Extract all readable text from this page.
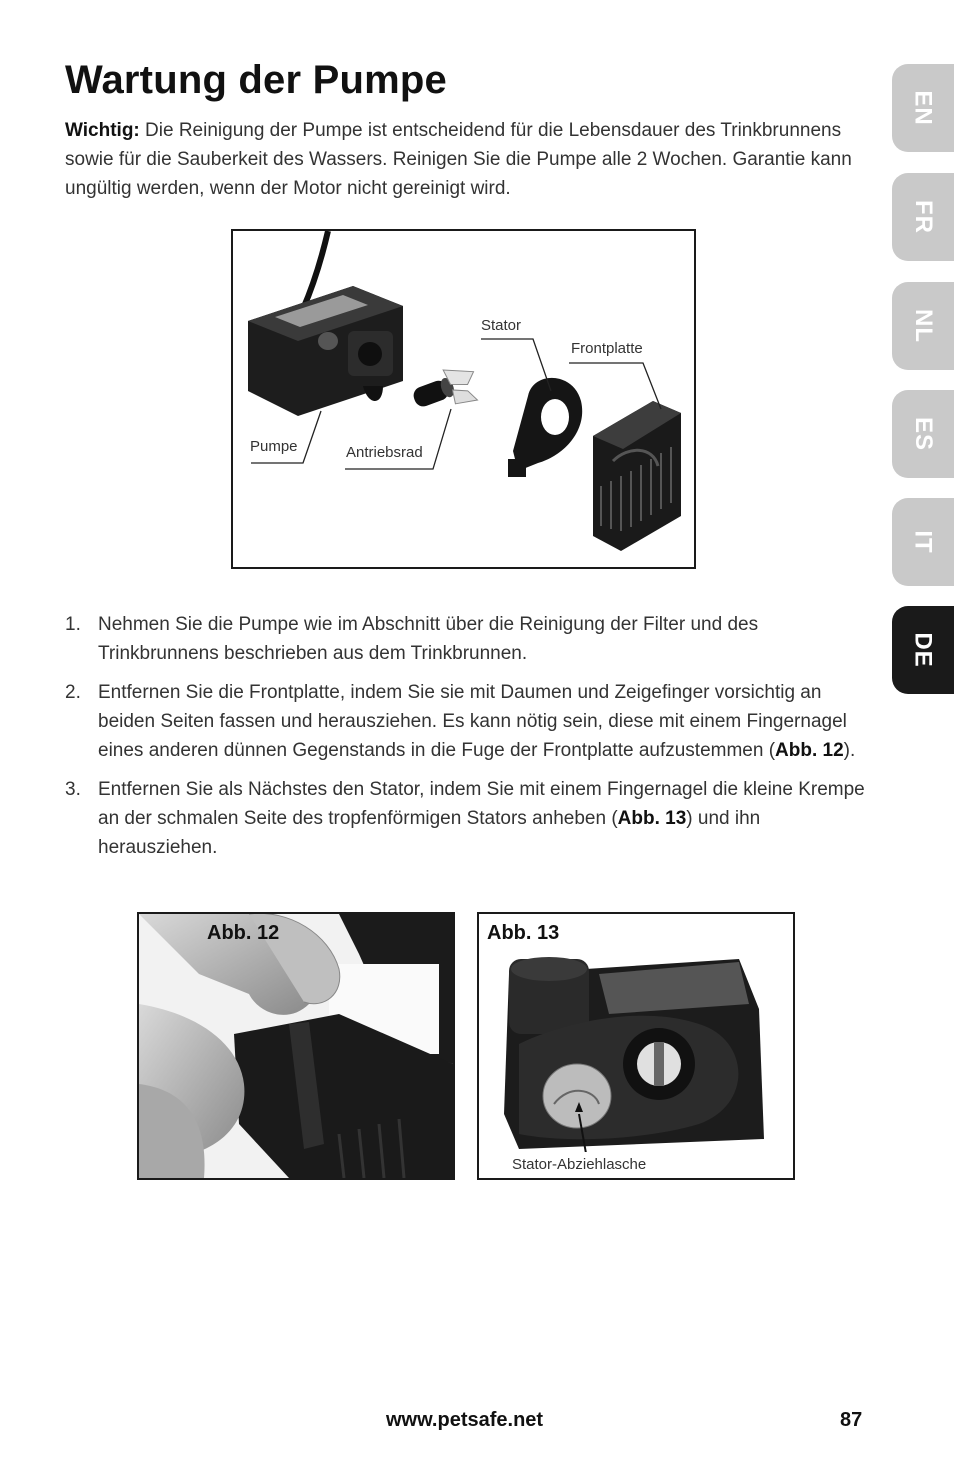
Wartung der Pumpe

Wichtig: Die Reinigung der Pumpe ist entscheidend für die Lebensdauer des Trinkbrunnens sowie für die Sauberkeit des Wassers. Reinigen Sie die Pumpe alle 2 Wochen. Garantie kann ungültig werden, wenn der Motor nicht gereinigt wird.

EN
FR
NL
ES
IT
DE
Stator
Frontplatte
Pumpe	Antriebsrad
1. Nehmen Sie die Pumpe wie im Abschnitt über die Reinigung der Filter und des Trinkbrunnens beschrieben aus dem Trinkbrunnen.
2. Entfernen Sie die Frontplatte, indem Sie sie mit Daumen und Zeigefinger vorsichtig an beiden Seiten fassen und herausziehen. Es kann nötig sein, diese mit einem Fingernagel eines anderen dünnen Gegenstands in die Fuge der Frontplatte aufzustemmen (Abb. 12).
3. Entfernen Sie als Nächstes den Stator, indem Sie mit einem Fingernagel die kleine Krempe an der schmalen Seite des tropfenförmigen Stators anheben (Abb. 13) und ihn herausziehen.
Abb. 12	Abb. 13
Stator-Abziehlasche
www.petsafe.net	87
